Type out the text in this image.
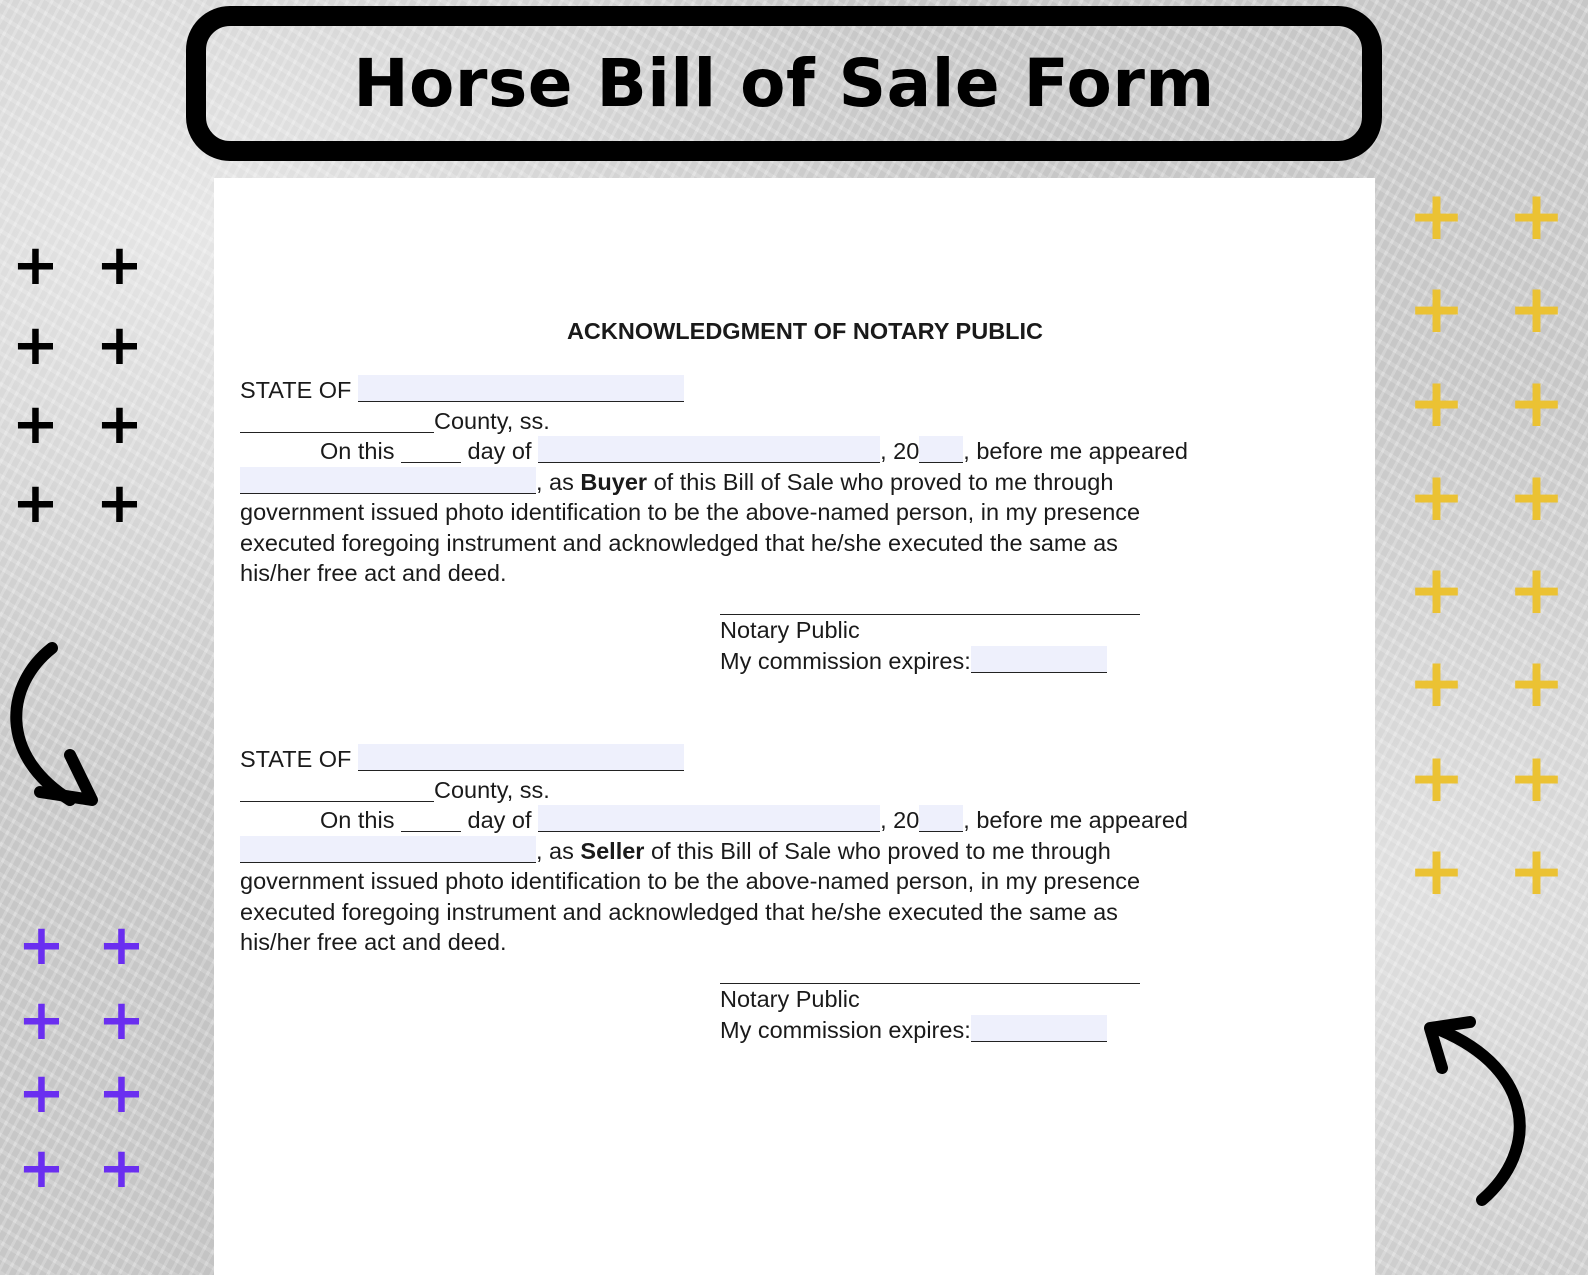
+ +
+ +
+ +
+ +
+ +
+ +
+ +
+ +
+ +
+ +
+ +
+ +
+ +
+ +
+ +
+ +
Horse Bill of Sale Form
ACKNOWLEDGMENT OF NOTARY PUBLIC
STATE OF
County, ss.
On this	day of	, 20 , before me appeared
, as Buyer of this Bill of Sale who proved to me through
government issued photo identification to be the above-named person, in my presence
executed foregoing instrument and acknowledged that he/she executed the same as
his/her free act and deed.
Notary Public
My commission expires:
STATE OF
County, ss.
On this	day of	, 20 , before me appeared
, as Seller of this Bill of Sale who proved to me through
government issued photo identification to be the above-named person, in my presence
executed foregoing instrument and acknowledged that he/she executed the same as
his/her free act and deed.
Notary Public
My commission expires:
